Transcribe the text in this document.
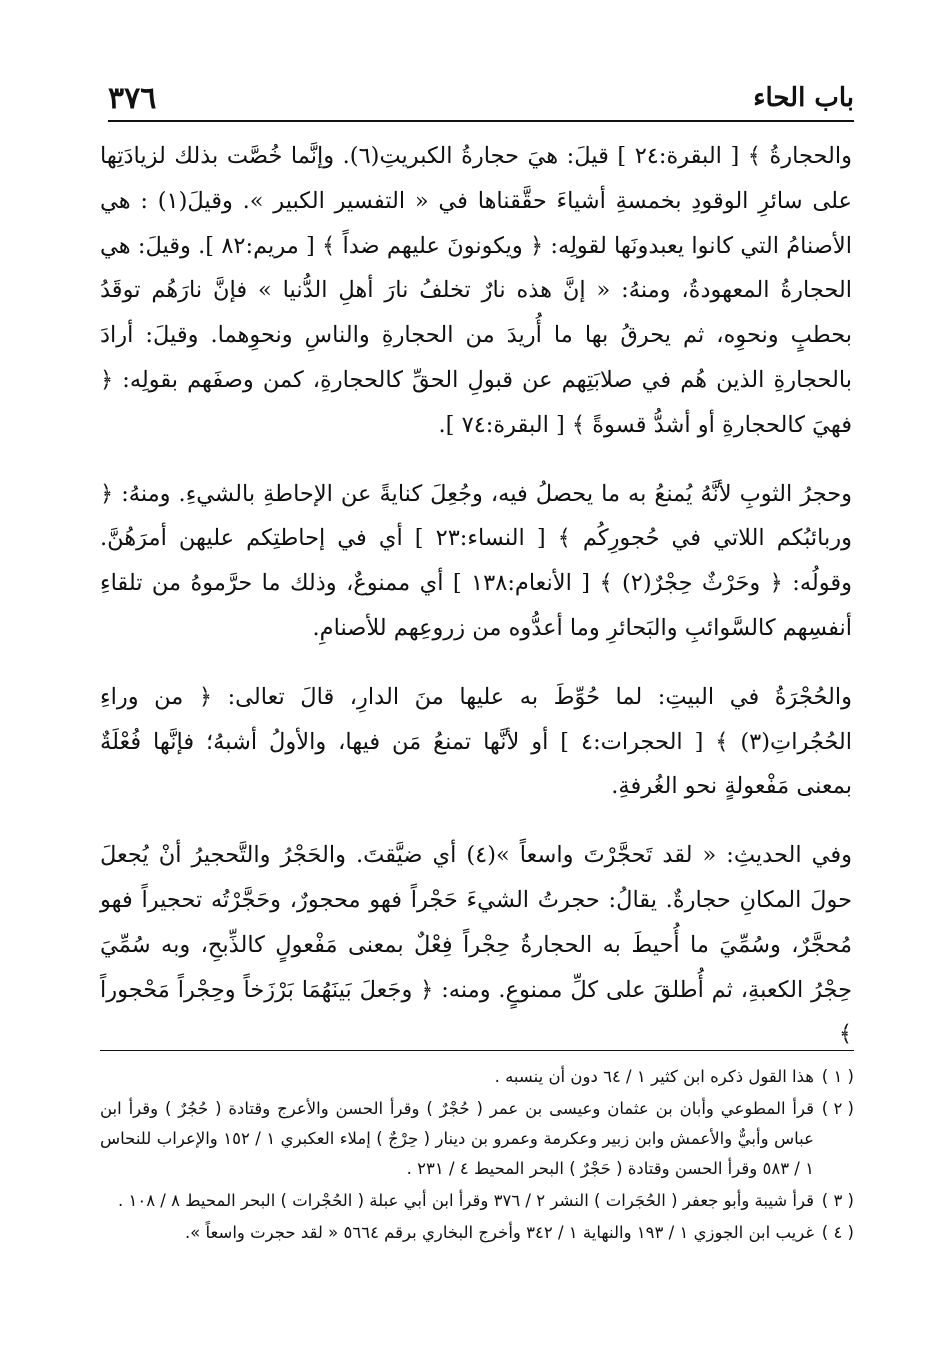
باب الحاء
٣٧٦

والحجارةُ ﴾ [ البقرة:٢٤ ] قيلَ: هيَ حجارةُ الكبريتِ(٦). وإنَّما خُصَّت بذلك لزيادَتِها على سائرِ الوقودِ بخمسةِ أشياءَ حقَّقناها في « التفسير الكبير ». وقيلَ(١) : هي الأصنامُ التي كانوا يعبدونَها لقولِه: ﴿ ويكونونَ عليهم ضداً ﴾ [ مريم:٨٢ ]. وقيلَ: هي الحجارةُ المعهودةُ، ومنهُ: « إنَّ هذه نارٌ تخلفُ نارَ أهلِ الدُّنيا » فإنَّ نارَهُم توقَدُ بحطبٍ ونحوِه، ثم يحرقُ بها ما أُريدَ من الحجارةِ والناسِ ونحوِهما. وقيلَ: أرادَ بالحجارةِ الذين هُم في صلابَتِهم عن قبولِ الحقِّ كالحجارةِ، كمن وصفَهم بقولِه: ﴿ فهيَ كالحجارةِ أو أشدُّ قسوةً ﴾ [ البقرة:٧٤ ].

وحجرُ الثوبِ لأنَّهُ يُمنعُ به ما يحصلُ فيه، وجُعِلَ كنايةً عن الإحاطةِ بالشيءِ. ومنهُ: ﴿ وربائبُكم اللاتي في حُجورِكُم ﴾ [ النساء:٢٣ ] أي في إحاطتِكم عليهن أمرَهُنَّ. وقولُه: ﴿ وحَرْثٌ حِجْرٌ(٢) ﴾ [ الأنعام:١٣٨ ] أي ممنوعٌ، وذلك ما حرَّموهُ من تلقاءِ أنفسِهم كالسَّوائبِ والبَحائرِ وما أعدُّوه من زروعِهم للأصنامِ.

والحُجْرَةُ في البيتِ: لما حُوِّطَ به عليها منَ الدارِ، قالَ تعالى: ﴿ من وراءِ الحُجُراتِ(٣) ﴾ [ الحجرات:٤ ] أو لأنَّها تمنعُ مَن فيها، والأولُ أشبهُ؛ فإنَّها فُعْلَةٌ بمعنى مَفْعولةٍ نحو الغُرفةِ.

وفي الحديثِ: « لقد تَحجَّرْتَ واسعاً »(٤) أي ضيَّقتَ. والحَجْرُ والتَّحجيرُ أنْ يُجعلَ حولَ المكانِ حجارةٌ. يقالُ: حجرتُ الشيءَ حَجْراً فهو محجورٌ، وحَجَّرْتُه تحجيراً فهو مُحجَّرٌ، وسُمِّيَ ما أُحيطَ به الحجارةُ حِجْراً فِعْلٌ بمعنى مَفْعولٍ كالذِّبحِ، وبه سُمِّيَ حِجْرُ الكعبةِ، ثم أُطلقَ على كلِّ ممنوعٍ. ومنه: ﴿ وجَعلَ بَينَهُمَا بَرْزَخاً وحِجْراً مَحْجوراً ﴾

( ١ )
هذا القول ذكره ابن كثير ١ / ٦٤ دون أن ينسبه .
( ٢ )
قرأ المطوعي وأبان بن عثمان وعيسى بن عمر ( حُجْرٌ ) وقرأ الحسن والأعرج وقتادة ( حُجُرٌ ) وقرأ ابن عباس وأبيٌّ والأعمش وابن زبير وعكرمة وعمرو بن دينار ( حِرْجٌ ) إملاء العكبري ١ / ١٥٢ والإعراب للنحاس ١ / ٥٨٣ وقرأ الحسن وقتادة ( حَجْرٌ ) البحر المحيط ٤ / ٢٣١ .
( ٣ )
قرأ شيبة وأبو جعفر ( الحُجَرات ) النشر ٢ / ٣٧٦ وقرأ ابن أبي عبلة ( الحُجْرات ) البحر المحيط ٨ / ١٠٨ .
( ٤ )
غريب ابن الجوزي ١ / ١٩٣ والنهاية ١ / ٣٤٢ وأخرج البخاري برقم ٥٦٦٤ « لقد حجرت واسعاً ».
